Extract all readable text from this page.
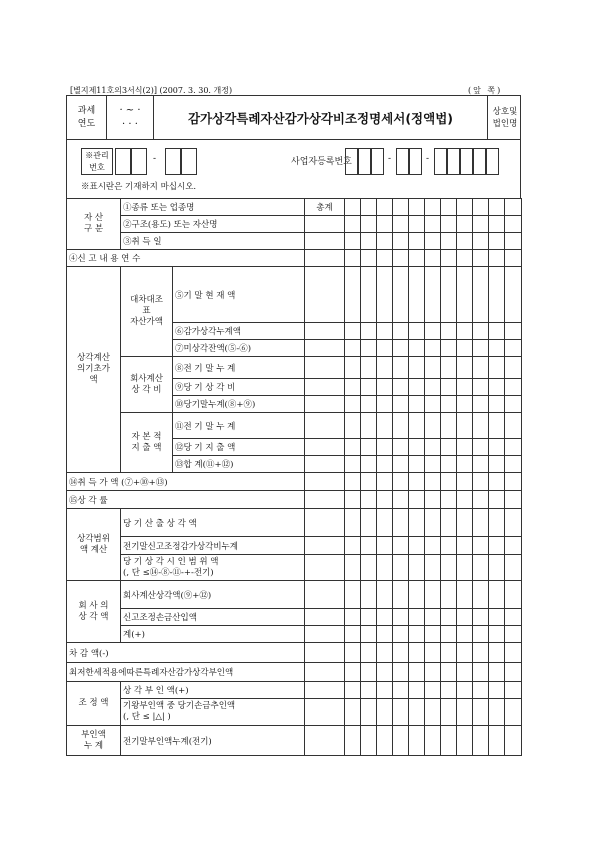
[별지제11호의3서식(2)] (2007. 3. 30. 개정)	(앞 쪽)
과세
연도
· ~ ·
· · ·	감가상각특례자산감가상각비조정명세서(정액법)	상호및
법인명
※관리
번호
-	사업자등록번호	-	-
※표시란은 기재하지 마십시오.
자 산
구 분	①종류 또는 업종명		총계											
	②구조(용도) 또는 자산명													
	③취 득 일													
④신 고 내 용 연 수														
상각계산
의기초가
액	대차대조
표
자산가액	⑤기 말 현 재 액												
		⑥감가상각누계액												
		⑦미상각잔액(⑤-⑥)												
	회사계산
상 각 비	⑧전 기 말 누 계												
		⑨당 기 상 각 비												
		⑩당기말누계(⑧+⑨)												
	자 본 적
지 출 액	⑪전 기 말 누 계												
		⑫당 기 지 출 액												
		⑬합 계(⑪+⑫)												
⑭취 득 가 액 (⑦+⑩+⑬)														
⑮상 각 률														
상각범위
액 계산	당 기 산 출 상 각 액													
	전기말신고조정감가상각비누계													
	당 기 상 각 시 인 범 위 액
(, 단 ≤⑭-⑧-⑪-+-전기)													
회 사 의
상 각 액	회사계산상각액(⑨+⑫)													
	신고조정손금산입액													
	계(+)													
차 감 액(-)														
최저한세적용에따른특례자산감가상각부인액														
조 정 액	상 각 부 인 액(+)													
	기왕부인액 중 당기손금추인액
(, 단 ≤ |△| )													
부인액
누 계	전기말부인액누계(전기)													
